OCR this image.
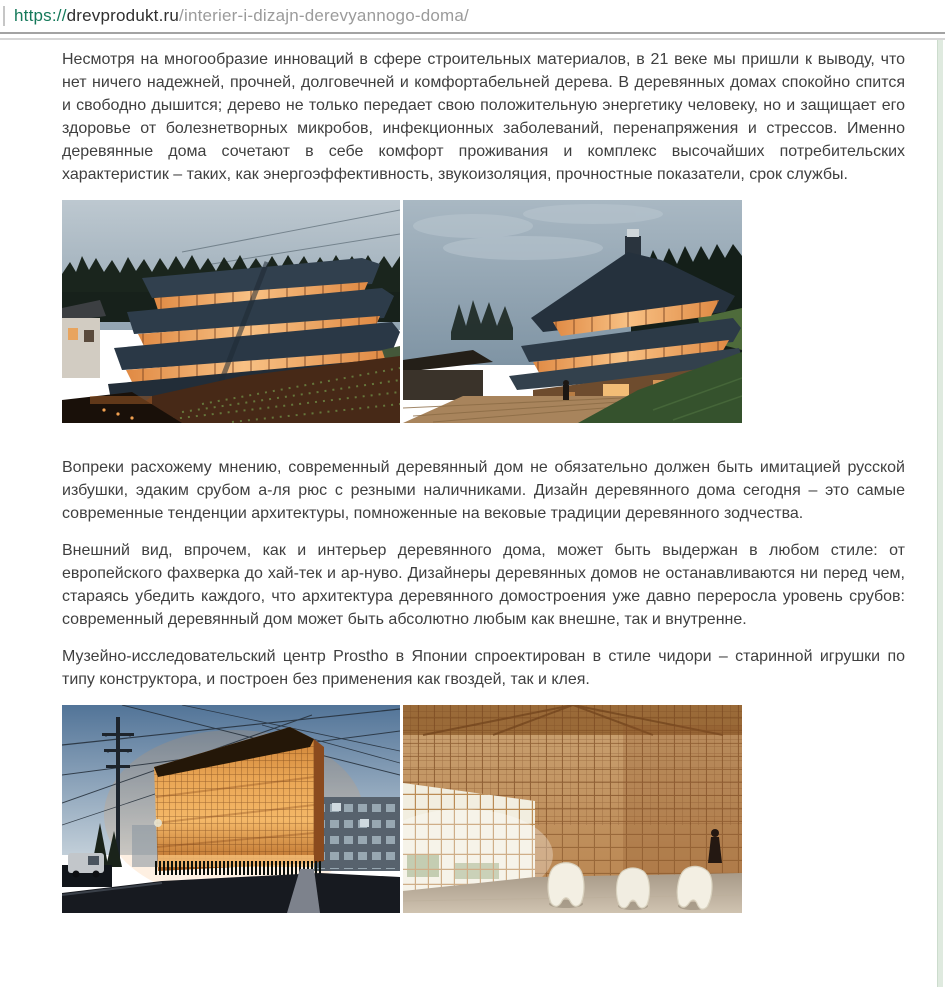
https://drevprodukt.ru/interier-i-dizajn-derevyannogo-doma/

Несмотря на многообразие инноваций в сфере строительных материалов, в 21 веке мы пришли к выводу, что нет ничего надежней, прочней, долговечней и комфортабельней дерева. В деревянных домах спокойно спится и свободно дышится; дерево не только передает свою положительную энергетику человеку, но и защищает его здоровье от болезнетворных микробов, инфекционных заболеваний, перенапряжения и стрессов. Именно деревянные дома сочетают в себе комфорт проживания и комплекс высочайших потребительских характеристик – таких, как энергоэффективность, звукоизоляция, прочностные показатели, срок службы.

Вопреки расхожему мнению, современный деревянный дом не обязательно должен быть имитацией русской избушки, эдаким срубом а-ля рюс с резными наличниками. Дизайн деревянного дома сегодня – это самые современные тенденции архитектуры, помноженные на вековые традиции деревянного зодчества.

Внешний вид, впрочем, как и интерьер деревянного дома, может быть выдержан в любом стиле: от европейского фахверка до хай-тек и ар-нуво. Дизайнеры деревянных домов не останавливаются ни перед чем, стараясь убедить каждого, что архитектура деревянного домостроения уже давно переросла уровень срубов: современный деревянный дом может быть абсолютно любым как внешне, так и внутренне.

Музейно-исследовательский центр Prostho в Японии спроектирован в стиле чидори – старинной игрушки по типу конструктора, и построен без применения как гвоздей, так и клея.
